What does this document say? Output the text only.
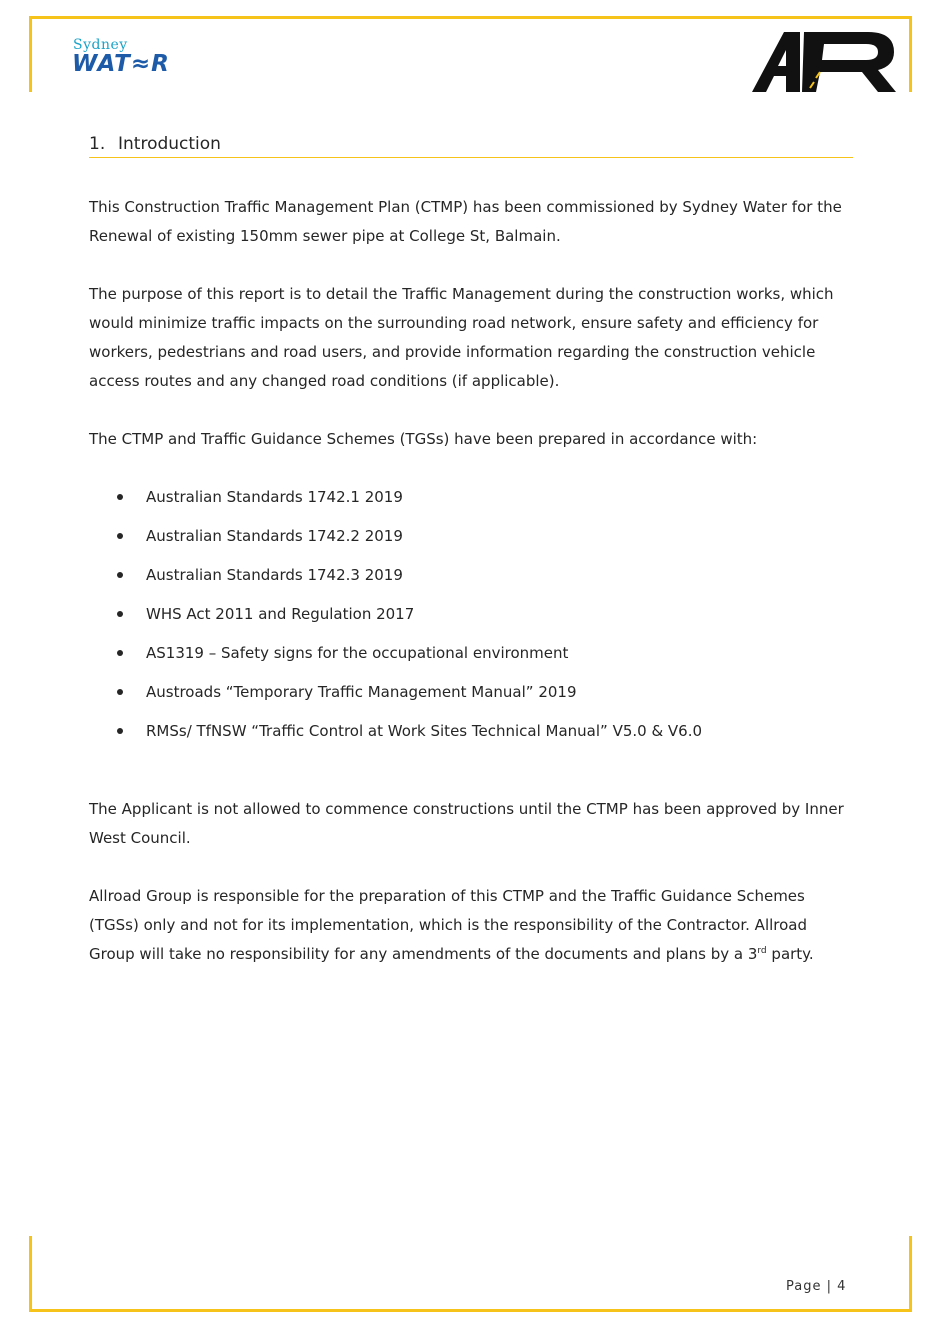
Sydney
WAT≈R
1. Introduction

This Construction Traffic Management Plan (CTMP) has been commissioned by Sydney Water for the Renewal of existing 150mm sewer pipe at College St, Balmain.

The purpose of this report is to detail the Traffic Management during the construction works, which would minimize traffic impacts on the surrounding road network, ensure safety and efficiency for workers, pedestrians and road users, and provide information regarding the construction vehicle access routes and any changed road conditions (if applicable).

The CTMP and Traffic Guidance Schemes (TGSs) have been prepared in accordance with:

Australian Standards 1742.1 2019
Australian Standards 1742.2 2019
Australian Standards 1742.3 2019
WHS Act 2011 and Regulation 2017
AS1319 – Safety signs for the occupational environment
Austroads “Temporary Traffic Management Manual” 2019
RMSs/ TfNSW “Traffic Control at Work Sites Technical Manual” V5.0 & V6.0

The Applicant is not allowed to commence constructions until the CTMP has been approved by Inner West Council.

Allroad Group is responsible for the preparation of this CTMP and the Traffic Guidance Schemes (TGSs) only and not for its implementation, which is the responsibility of the Contractor. Allroad Group will take no responsibility for any amendments of the documents and plans by a 3rd party.

Page | 4
